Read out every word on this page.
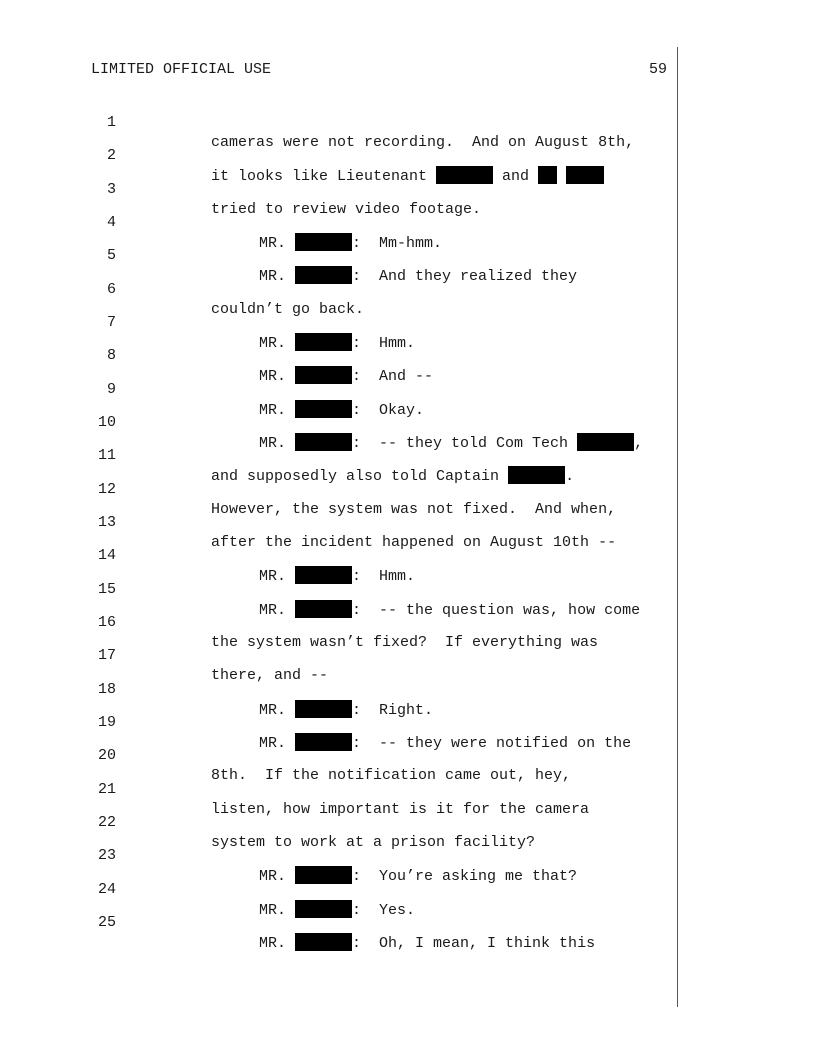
LIMITED OFFICIAL USE	59

1

cameras were not recording.  And on August 8th,

2

it looks like Lieutenant	and

3

tried to review video footage.

4

MR.	:  Mm-hmm.

5

MR.	:  And they realized they

6

couldn’t go back.

7

MR.	:  Hmm.

8

MR.	:  And --

9

MR.	:  Okay.

10

MR.	:  -- they told Com Tech	,

11

and supposedly also told Captain	.

12

However, the system was not fixed.  And when,

13

after the incident happened on August 10th --

14

MR.	:  Hmm.

15

MR.	:  -- the question was, how come

16

the system wasn’t fixed?  If everything was

17

there, and --

18

MR.	:  Right.

19

MR.	:  -- they were notified on the

20

8th.  If the notification came out, hey,

21

listen, how important is it for the camera

22

system to work at a prison facility?

23

MR.	:  You’re asking me that?

24

MR.	:  Yes.

25

MR.	:  Oh, I mean, I think this
